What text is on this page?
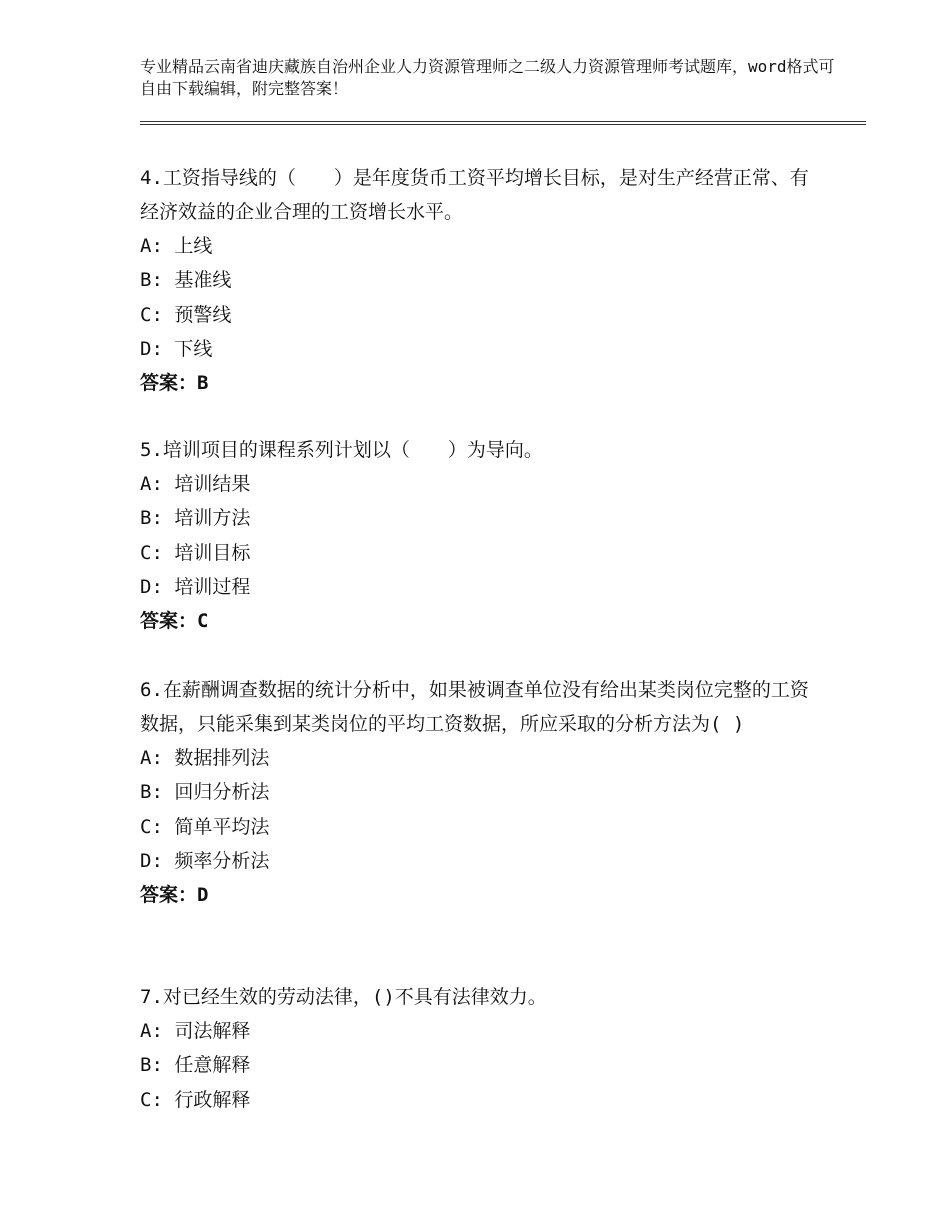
专业精品云南省迪庆藏族自治州企业人力资源管理师之二级人力资源管理师考试题库，word格式可自由下载编辑，附完整答案！
4.工资指导线的（　　）是年度货币工资平均增长目标，是对生产经营正常、有经济效益的企业合理的工资增长水平。
A: 上线
B: 基准线
C: 预警线
D: 下线
答案：B
5.培训项目的课程系列计划以（　　）为导向。
A: 培训结果
B: 培训方法
C: 培训目标
D: 培训过程
答案：C
6.在薪酬调查数据的统计分析中，如果被调查单位没有给出某类岗位完整的工资数据，只能采集到某类岗位的平均工资数据，所应采取的分析方法为( )
A: 数据排列法
B: 回归分析法
C: 简单平均法
D: 频率分析法
答案：D
7.对已经生效的劳动法律，()不具有法律效力。
A: 司法解释
B: 任意解释
C: 行政解释
